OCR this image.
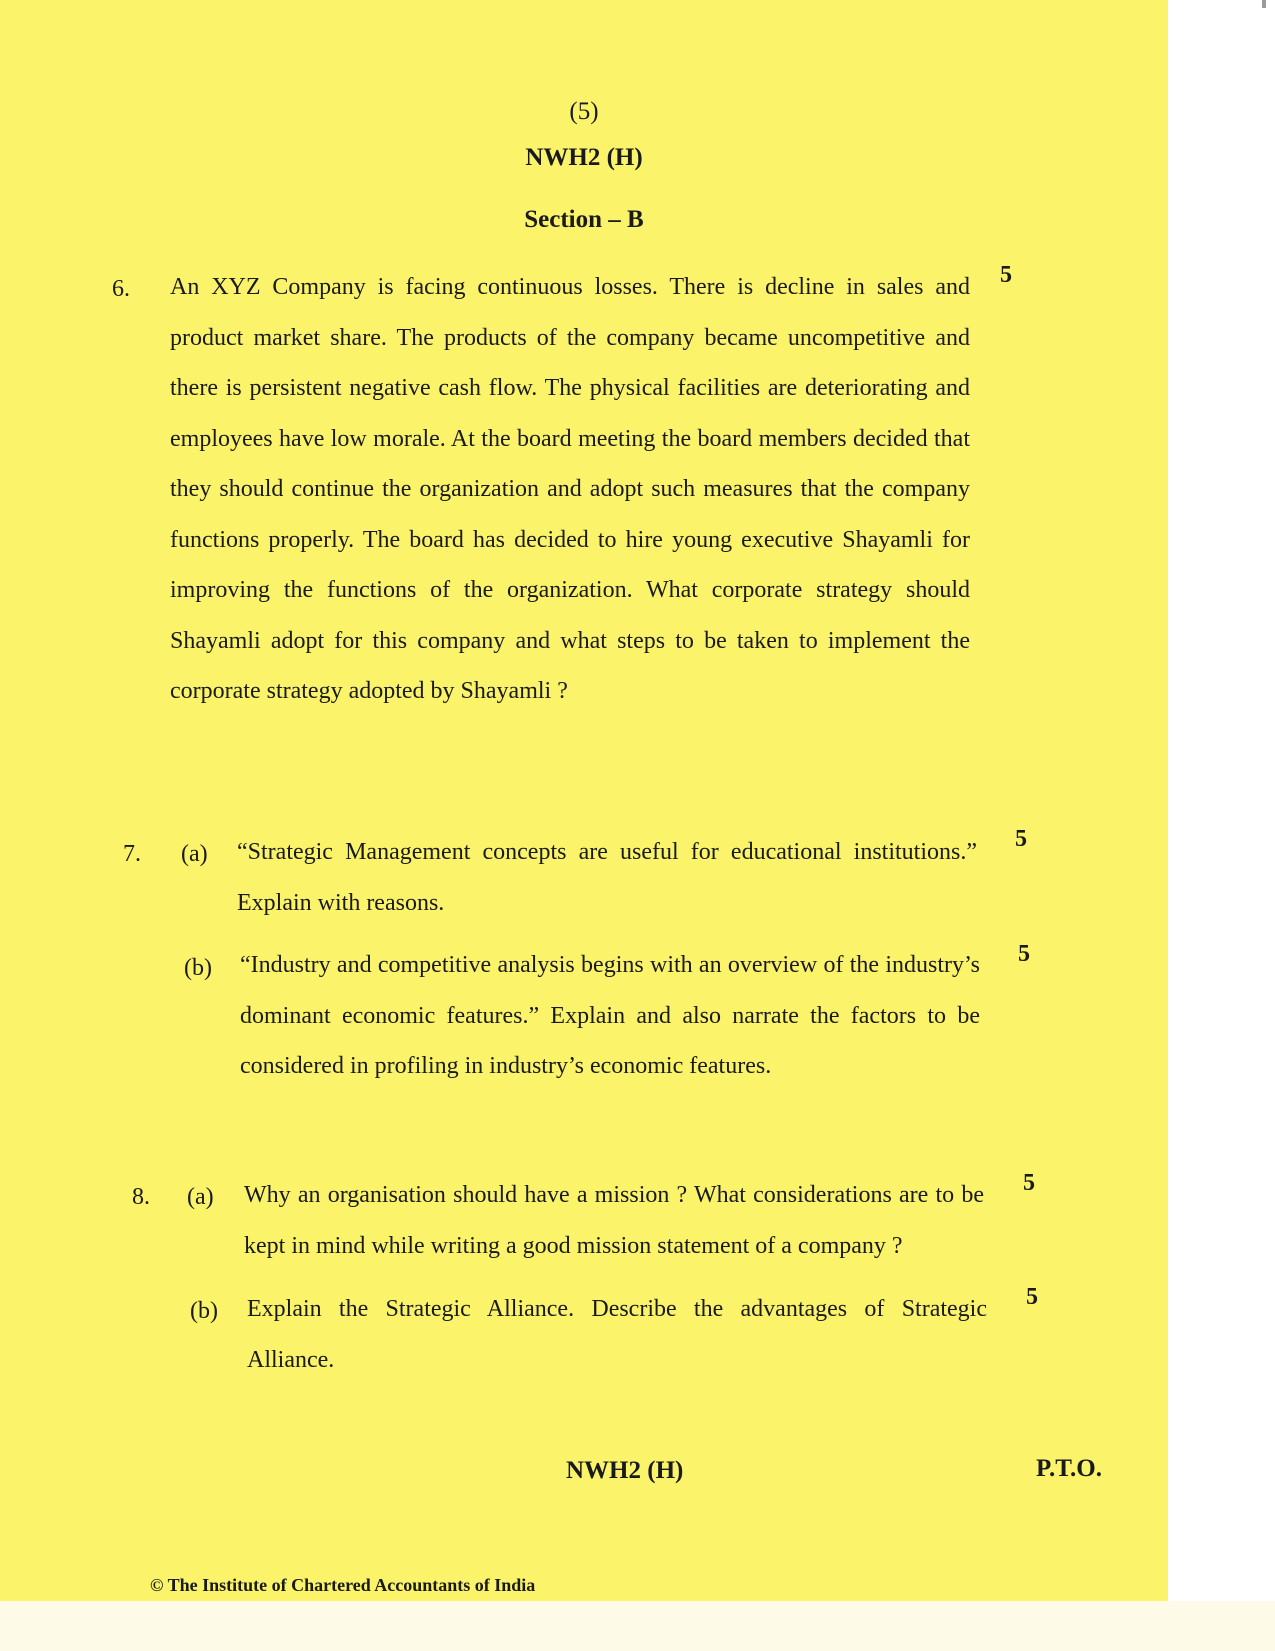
(5)
NWH2 (H)
Section – B
6.
5

An XYZ Company is facing continuous losses. There is decline in sales and product market share. The products of the company became uncompetitive and there is persistent negative cash flow. The physical facilities are deteriorating and employees have low morale. At the board meeting the board members decided that they should continue the organization and adopt such measures that the company functions properly. The board has decided to hire young executive Shayamli for improving the functions of the organization. What corporate strategy should Shayamli adopt for this company and what steps to be taken to implement the corporate strategy adopted by Shayamli ?

7. (a)
5

“Strategic Management concepts are useful for educational institutions.” Explain with reasons.

(b)
5

“Industry and competitive analysis begins with an overview of the industry’s dominant economic features.” Explain and also narrate the factors to be considered in profiling in industry’s economic features.

8. (a)
5

Why an organisation should have a mission ? What considerations are to be kept in mind while writing a good mission statement of a company ?

(b)
5

Explain the Strategic Alliance. Describe the advantages of Strategic Alliance.

NWH2 (H)	P.T.O.
© The Institute of Chartered Accountants of India
